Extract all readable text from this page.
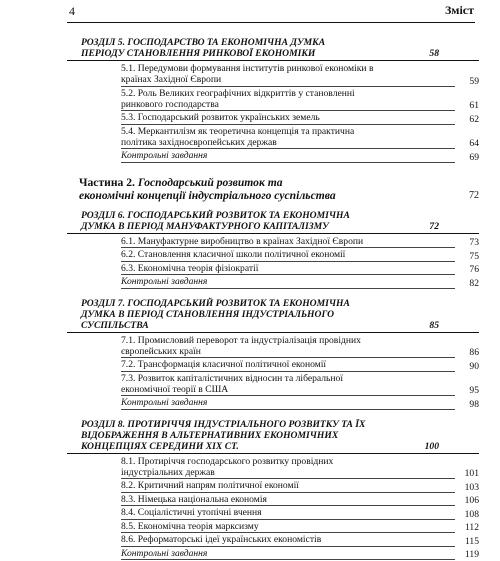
4	Зміст
РОЗДІЛ 5. ГОСПОДАРСТВО ТА ЕКОНОМІЧНА ДУМКА
ПЕРІОДУ СТАНОВЛЕННЯ РИНКОВОЇ ЕКОНОМІКИ	58
5.1. Передумови формування інститутів ринкової економіки в
країнах Західної Європи	59
5.2. Роль Великих географічних відкриттів у становленні
ринкового господарства	61
5.3. Господарський розвиток українських земель	62
5.4. Меркантилізм як теоретична концепція та практична
політика західноєвропейських держав	64
Контрольні завдання	69
Частина 2. Господарський розвиток та
економічні концепції індустріального суспільства	72
РОЗДІЛ 6. ГОСПОДАРСЬКИЙ РОЗВИТОК ТА ЕКОНОМІЧНА
ДУМКА В ПЕРІОД МАНУФАКТУРНОГО КАПІТАЛІЗМУ	72
6.1. Мануфактурне виробництво в країнах Західної Європи	73
6.2. Становлення класичної школи політичної економії	75
6.3. Економічна теорія фізіократії	76
Контрольні завдання	82
РОЗДІЛ 7. ГОСПОДАРСЬКИЙ РОЗВИТОК ТА ЕКОНОМІЧНА
ДУМКА В ПЕРІОД СТАНОВЛЕННЯ ІНДУСТРІАЛЬНОГО
СУСПІЛЬСТВА	85
7.1. Промисловий переворот та індустріалізація провідних
європейських країн	86
7.2. Трансформація класичної політичної економії	90
7.3. Розвиток капіталістичних відносин та ліберальної
економічної теорії в США	95
Контрольні завдання	98
РОЗДІЛ 8. ПРОТИРІЧЧЯ ІНДУСТРІАЛЬНОГО РОЗВИТКУ ТА ЇХ
ВІДОБРАЖЕННЯ В АЛЬТЕРНАТИВНИХ ЕКОНОМІЧНИХ
КОНЦЕПЦІЯХ СЕРЕДИНИ ХІХ СТ.	100
8.1. Протиріччя господарського розвитку провідних
індустріальних держав	101
8.2. Критичний напрям політичної економії	103
8.3. Німецька національна економія	106
8.4. Соціалістичні утопічні вчення	108
8.5. Економічна теорія марксизму	112
8.6. Реформаторські ідеї українських економістів	115
Контрольні завдання	119
